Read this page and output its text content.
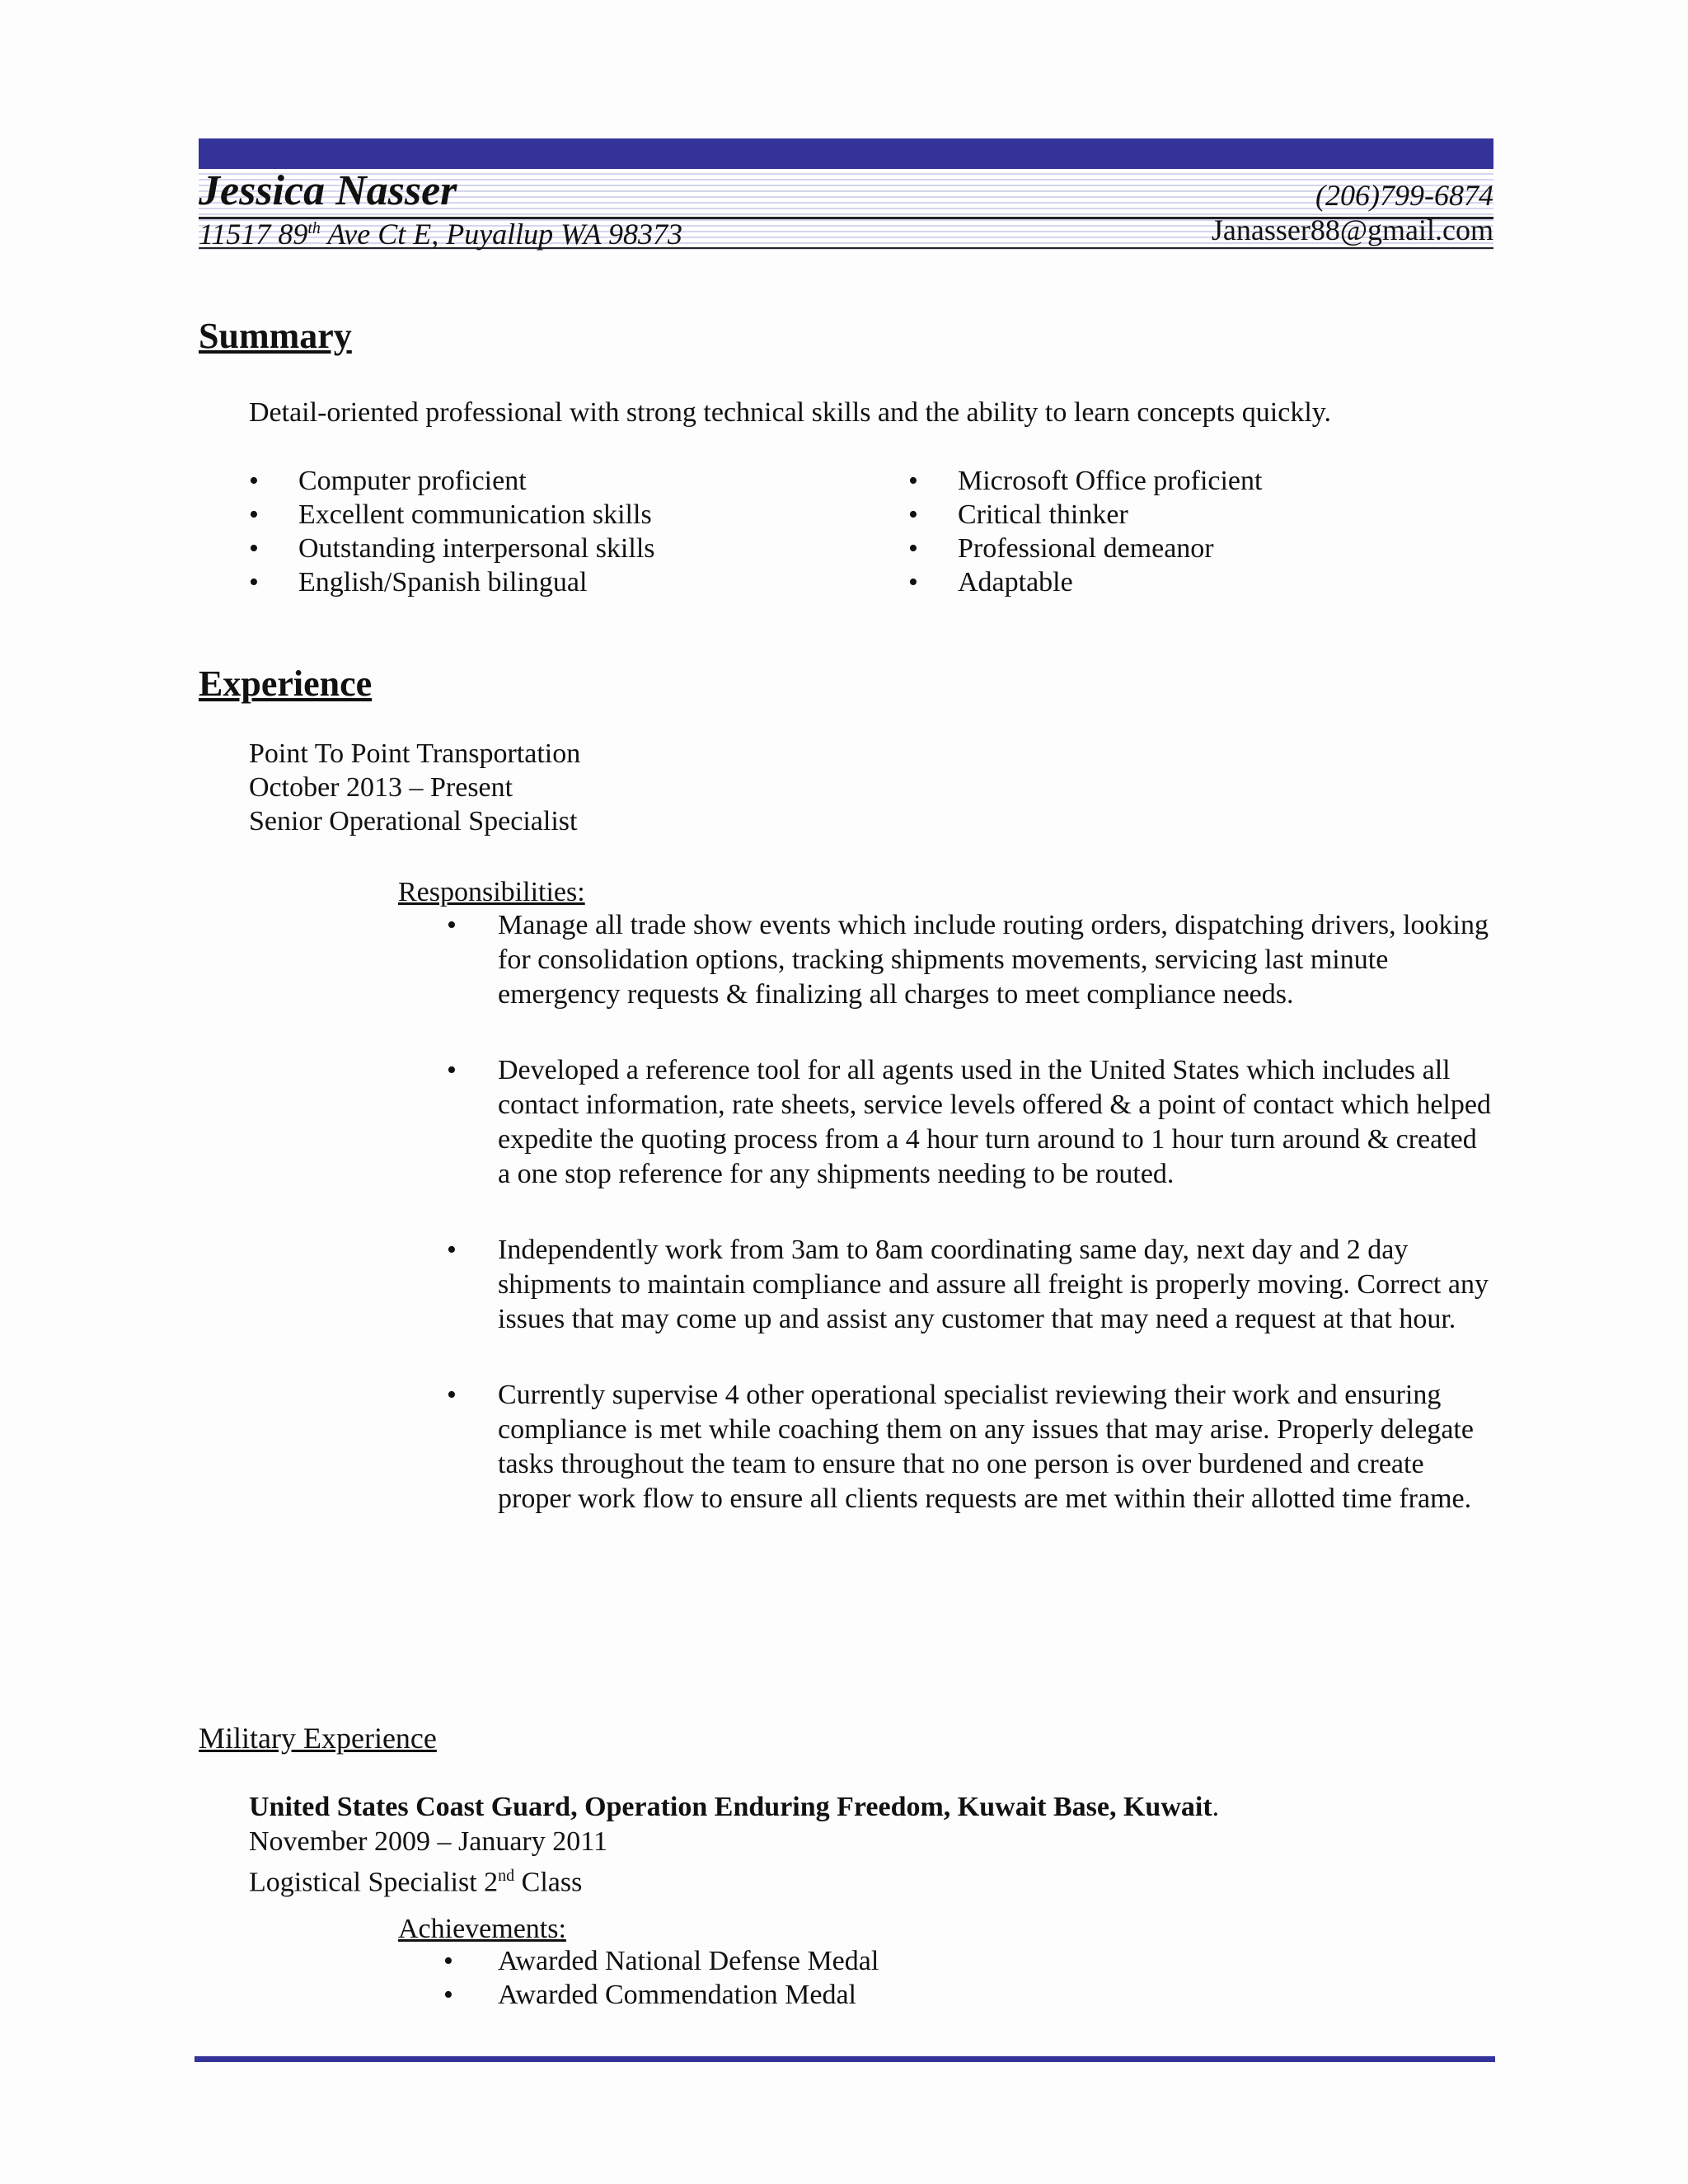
Jessica Nasser	(206)799-6874
11517 89th Ave Ct E, Puyallup WA 98373	Janasser88@gmail.com
Summary
Detail-oriented professional with strong technical skills and the ability to learn concepts quickly.
• Computer proficient
• Excellent communication skills
• Outstanding interpersonal skills
• English/Spanish bilingual
• Microsoft Office proficient
• Critical thinker
• Professional demeanor
• Adaptable
Experience
Point To Point Transportation
October 2013 – Present
Senior Operational Specialist
Responsibilities:
• Manage all trade show events which include routing orders, dispatching drivers, looking for consolidation options, tracking shipments movements, servicing last minute emergency requests & finalizing all charges to meet compliance needs.
• Developed a reference tool for all agents used in the United States which includes all contact information, rate sheets, service levels offered & a point of contact which helped expedite the quoting process from a 4 hour turn around to 1 hour turn around & created a one stop reference for any shipments needing to be routed.
• Independently work from 3am to 8am coordinating same day, next day and 2 day shipments to maintain compliance and assure all freight is properly moving. Correct any issues that may come up and assist any customer that may need a request at that hour.
• Currently supervise 4 other operational specialist reviewing their work and ensuring compliance is met while coaching them on any issues that may arise. Properly delegate tasks throughout the team to ensure that no one person is over burdened and create proper work flow to ensure all clients requests are met within their allotted time frame.
Military Experience
United States Coast Guard, Operation Enduring Freedom, Kuwait Base, Kuwait.
November 2009 – January 2011
Logistical Specialist 2nd Class
Achievements:
• Awarded National Defense Medal
• Awarded Commendation Medal
